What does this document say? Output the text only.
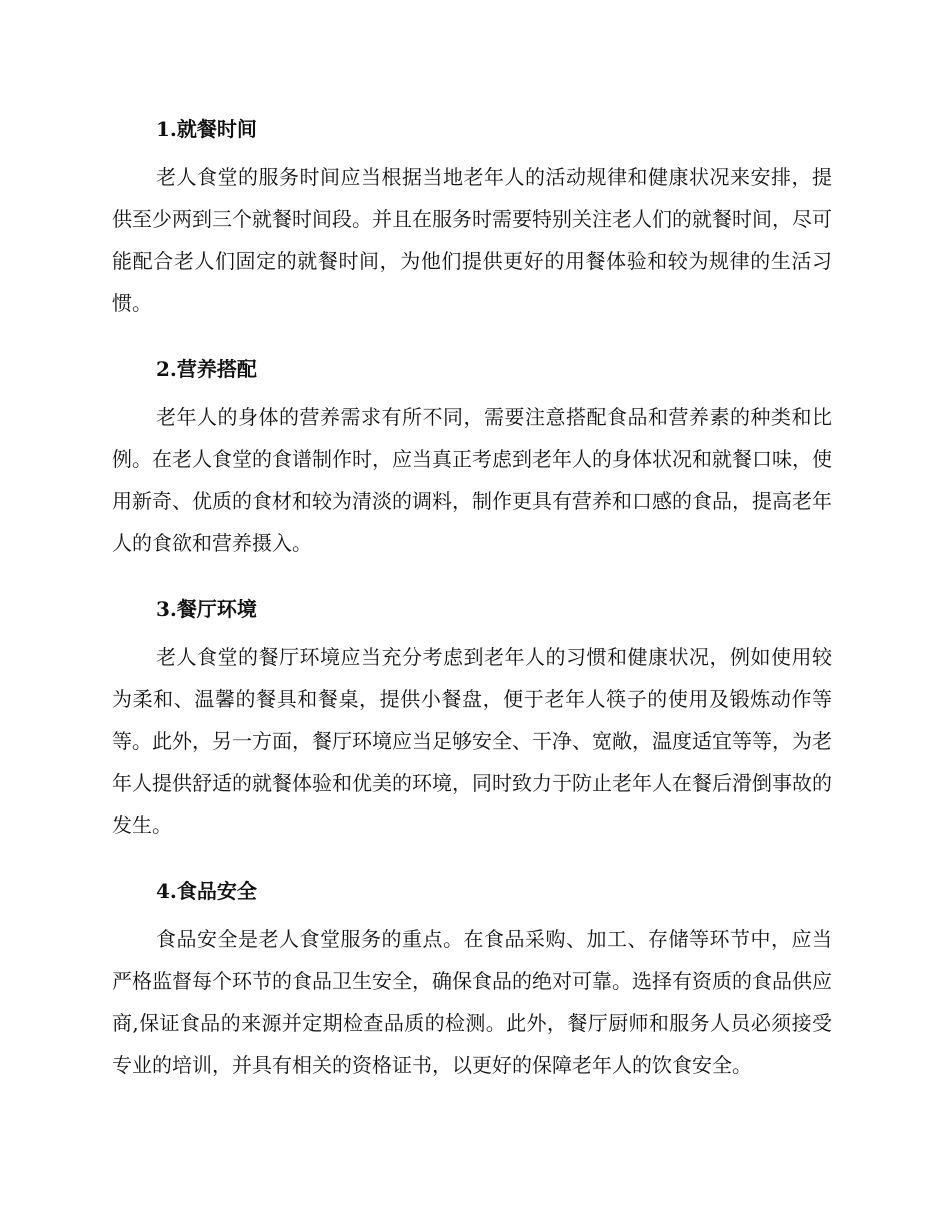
1.就餐时间

老人食堂的服务时间应当根据当地老年人的活动规律和健康状况来安排，提供至少两到三个就餐时间段。并且在服务时需要特别关注老人们的就餐时间，尽可能配合老人们固定的就餐时间，为他们提供更好的用餐体验和较为规律的生活习惯。

2.营养搭配

老年人的身体的营养需求有所不同，需要注意搭配食品和营养素的种类和比例。在老人食堂的食谱制作时，应当真正考虑到老年人的身体状况和就餐口味，使用新奇、优质的食材和较为清淡的调料，制作更具有营养和口感的食品，提高老年人的食欲和营养摄入。

3.餐厅环境

老人食堂的餐厅环境应当充分考虑到老年人的习惯和健康状况，例如使用较为柔和、温馨的餐具和餐桌，提供小餐盘，便于老年人筷子的使用及锻炼动作等等。此外，另一方面，餐厅环境应当足够安全、干净、宽敞，温度适宜等等，为老年人提供舒适的就餐体验和优美的环境，同时致力于防止老年人在餐后滑倒事故的发生。

4.食品安全

食品安全是老人食堂服务的重点。在食品采购、加工、存储等环节中，应当严格监督每个环节的食品卫生安全，确保食品的绝对可靠。选择有资质的食品供应商,保证食品的来源并定期检查品质的检测。此外，餐厅厨师和服务人员必须接受专业的培训，并具有相关的资格证书，以更好的保障老年人的饮食安全。
